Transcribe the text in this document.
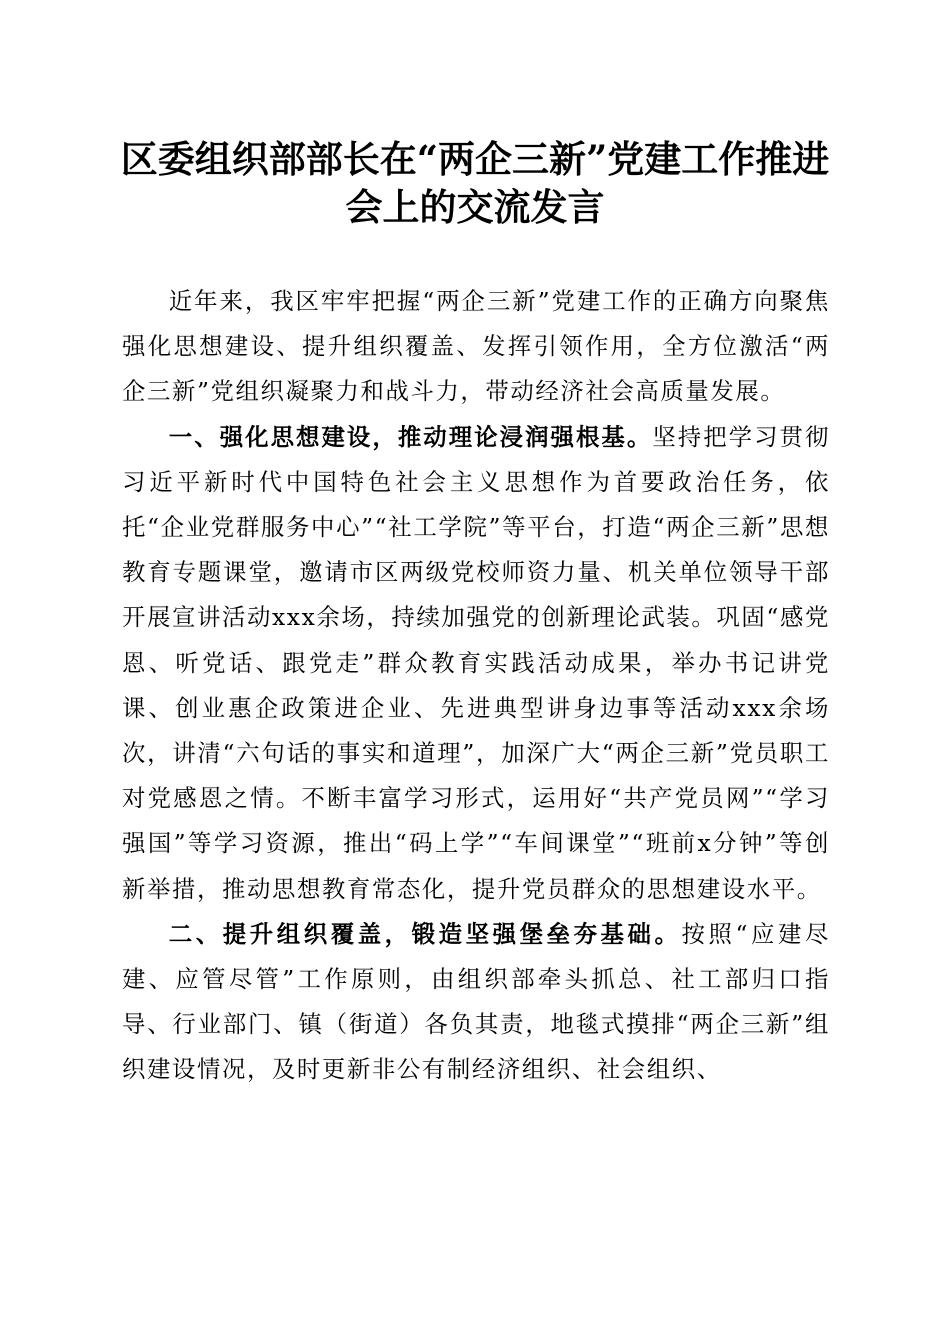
区委组织部部长在“两企三新”党建工作推进
会上的交流发言

近年来，我区牢牢把握“两企三新”党建工作的正确方向聚焦强化思想建设、提升组织覆盖、发挥引领作用，全方位激活“两企三新”党组织凝聚力和战斗力，带动经济社会高质量发展。

一、强化思想建设，推动理论浸润强根基。坚持把学习贯彻习近平新时代中国特色社会主义思想作为首要政治任务，依托“企业党群服务中心”“社工学院”等平台，打造“两企三新”思想教育专题课堂，邀请市区两级党校师资力量、机关单位领导干部开展宣讲活动xxx余场，持续加强党的创新理论武装。巩固“感党恩、听党话、跟党走”群众教育实践活动成果，举办书记讲党课、创业惠企政策进企业、先进典型讲身边事等活动xxx余场次，讲清“六句话的事实和道理”，加深广大“两企三新”党员职工对党感恩之情。不断丰富学习形式，运用好“共产党员网”“学习强国”等学习资源，推出“码上学”“车间课堂”“班前x分钟”等创新举措，推动思想教育常态化，提升党员群众的思想建设水平。

二、提升组织覆盖，锻造坚强堡垒夯基础。按照“应建尽建、应管尽管”工作原则，由组织部牵头抓总、社工部归口指导、行业部门、镇（街道）各负其责，地毯式摸排“两企三新”组织建设情况，及时更新非公有制经济组织、社会组织、
